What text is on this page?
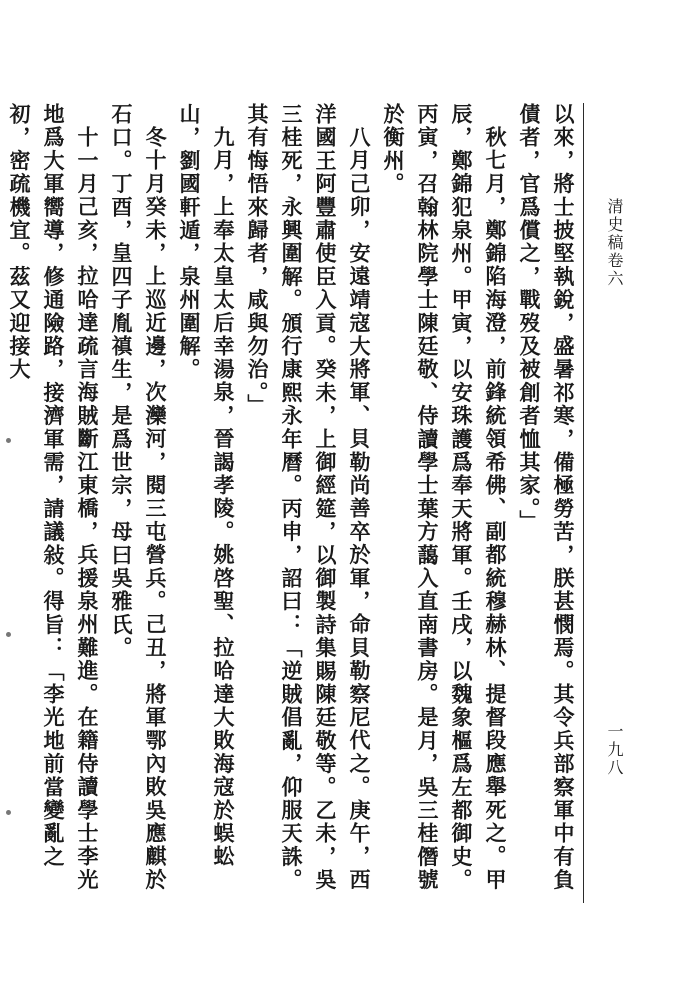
清史稿卷六
一九八

以來，將士披堅執銳，盛暑祁寒，備極勞苦，朕甚憫焉。其令兵部察軍中有負債者，官爲償之，戰歿及被創者恤其家。」

秋七月，鄭錦陷海澄，前鋒統領希佛、副都統穆赫林、提督段應舉死之。甲辰，鄭錦犯泉州。甲寅，以安珠護爲奉天將軍。壬戌，以魏象樞爲左都御史。丙寅，召翰林院學士陳廷敬、侍讀學士葉方藹入直南書房。是月，吳三桂僭號於衡州。

八月己卯，安遠靖寇大將軍、貝勒尚善卒於軍，命貝勒察尼代之。庚午，西洋國王阿豐肅使臣入貢。癸未，上御經筵，以御製詩集賜陳廷敬等。乙未，吳三桂死，永興圍解。頒行康熙永年曆。丙申，詔曰：「逆賊倡亂，仰服天誅。其有悔悟來歸者，咸與勿治。」

九月，上奉太皇太后幸湯泉，晉謁孝陵。姚啓聖、拉哈達大敗海寇於蜈蚣山，劉國軒遁，泉州圍解。

冬十月癸未，上巡近邊，次灤河，閱三屯營兵。己丑，將軍鄂內敗吳應麒於石口。丁酉，皇四子胤禛生，是爲世宗，母曰吳雅氏。

十一月己亥，拉哈達疏言海賊斷江東橋，兵援泉州難進。在籍侍讀學士李光地爲大軍嚮導，修通險路，接濟軍需，請議敍。得旨：「李光地前當變亂之初，密疏機宜。茲又迎接大
